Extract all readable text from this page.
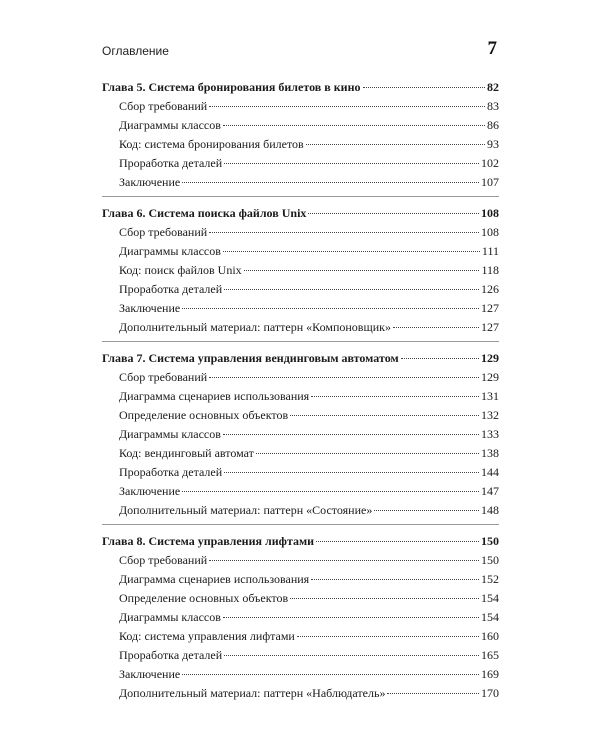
Оглавление	7
Глава 5. Система бронирования билетов в кино	82
Сбор требований	83
Диаграммы классов	86
Код: система бронирования билетов	93
Проработка деталей	102
Заключение	107
Глава 6. Система поиска файлов Unix	108
Сбор требований	108
Диаграммы классов	111
Код: поиск файлов Unix	118
Проработка деталей	126
Заключение	127
Дополнительный материал: паттерн «Компоновщик»	127
Глава 7. Система управления вендинговым автоматом	129
Сбор требований	129
Диаграмма сценариев использования	131
Определение основных объектов	132
Диаграммы классов	133
Код: вендинговый автомат	138
Проработка деталей	144
Заключение	147
Дополнительный материал: паттерн «Состояние»	148
Глава 8. Система управления лифтами	150
Сбор требований	150
Диаграмма сценариев использования	152
Определение основных объектов	154
Диаграммы классов	154
Код: система управления лифтами	160
Проработка деталей	165
Заключение	169
Дополнительный материал: паттерн «Наблюдатель»	170
